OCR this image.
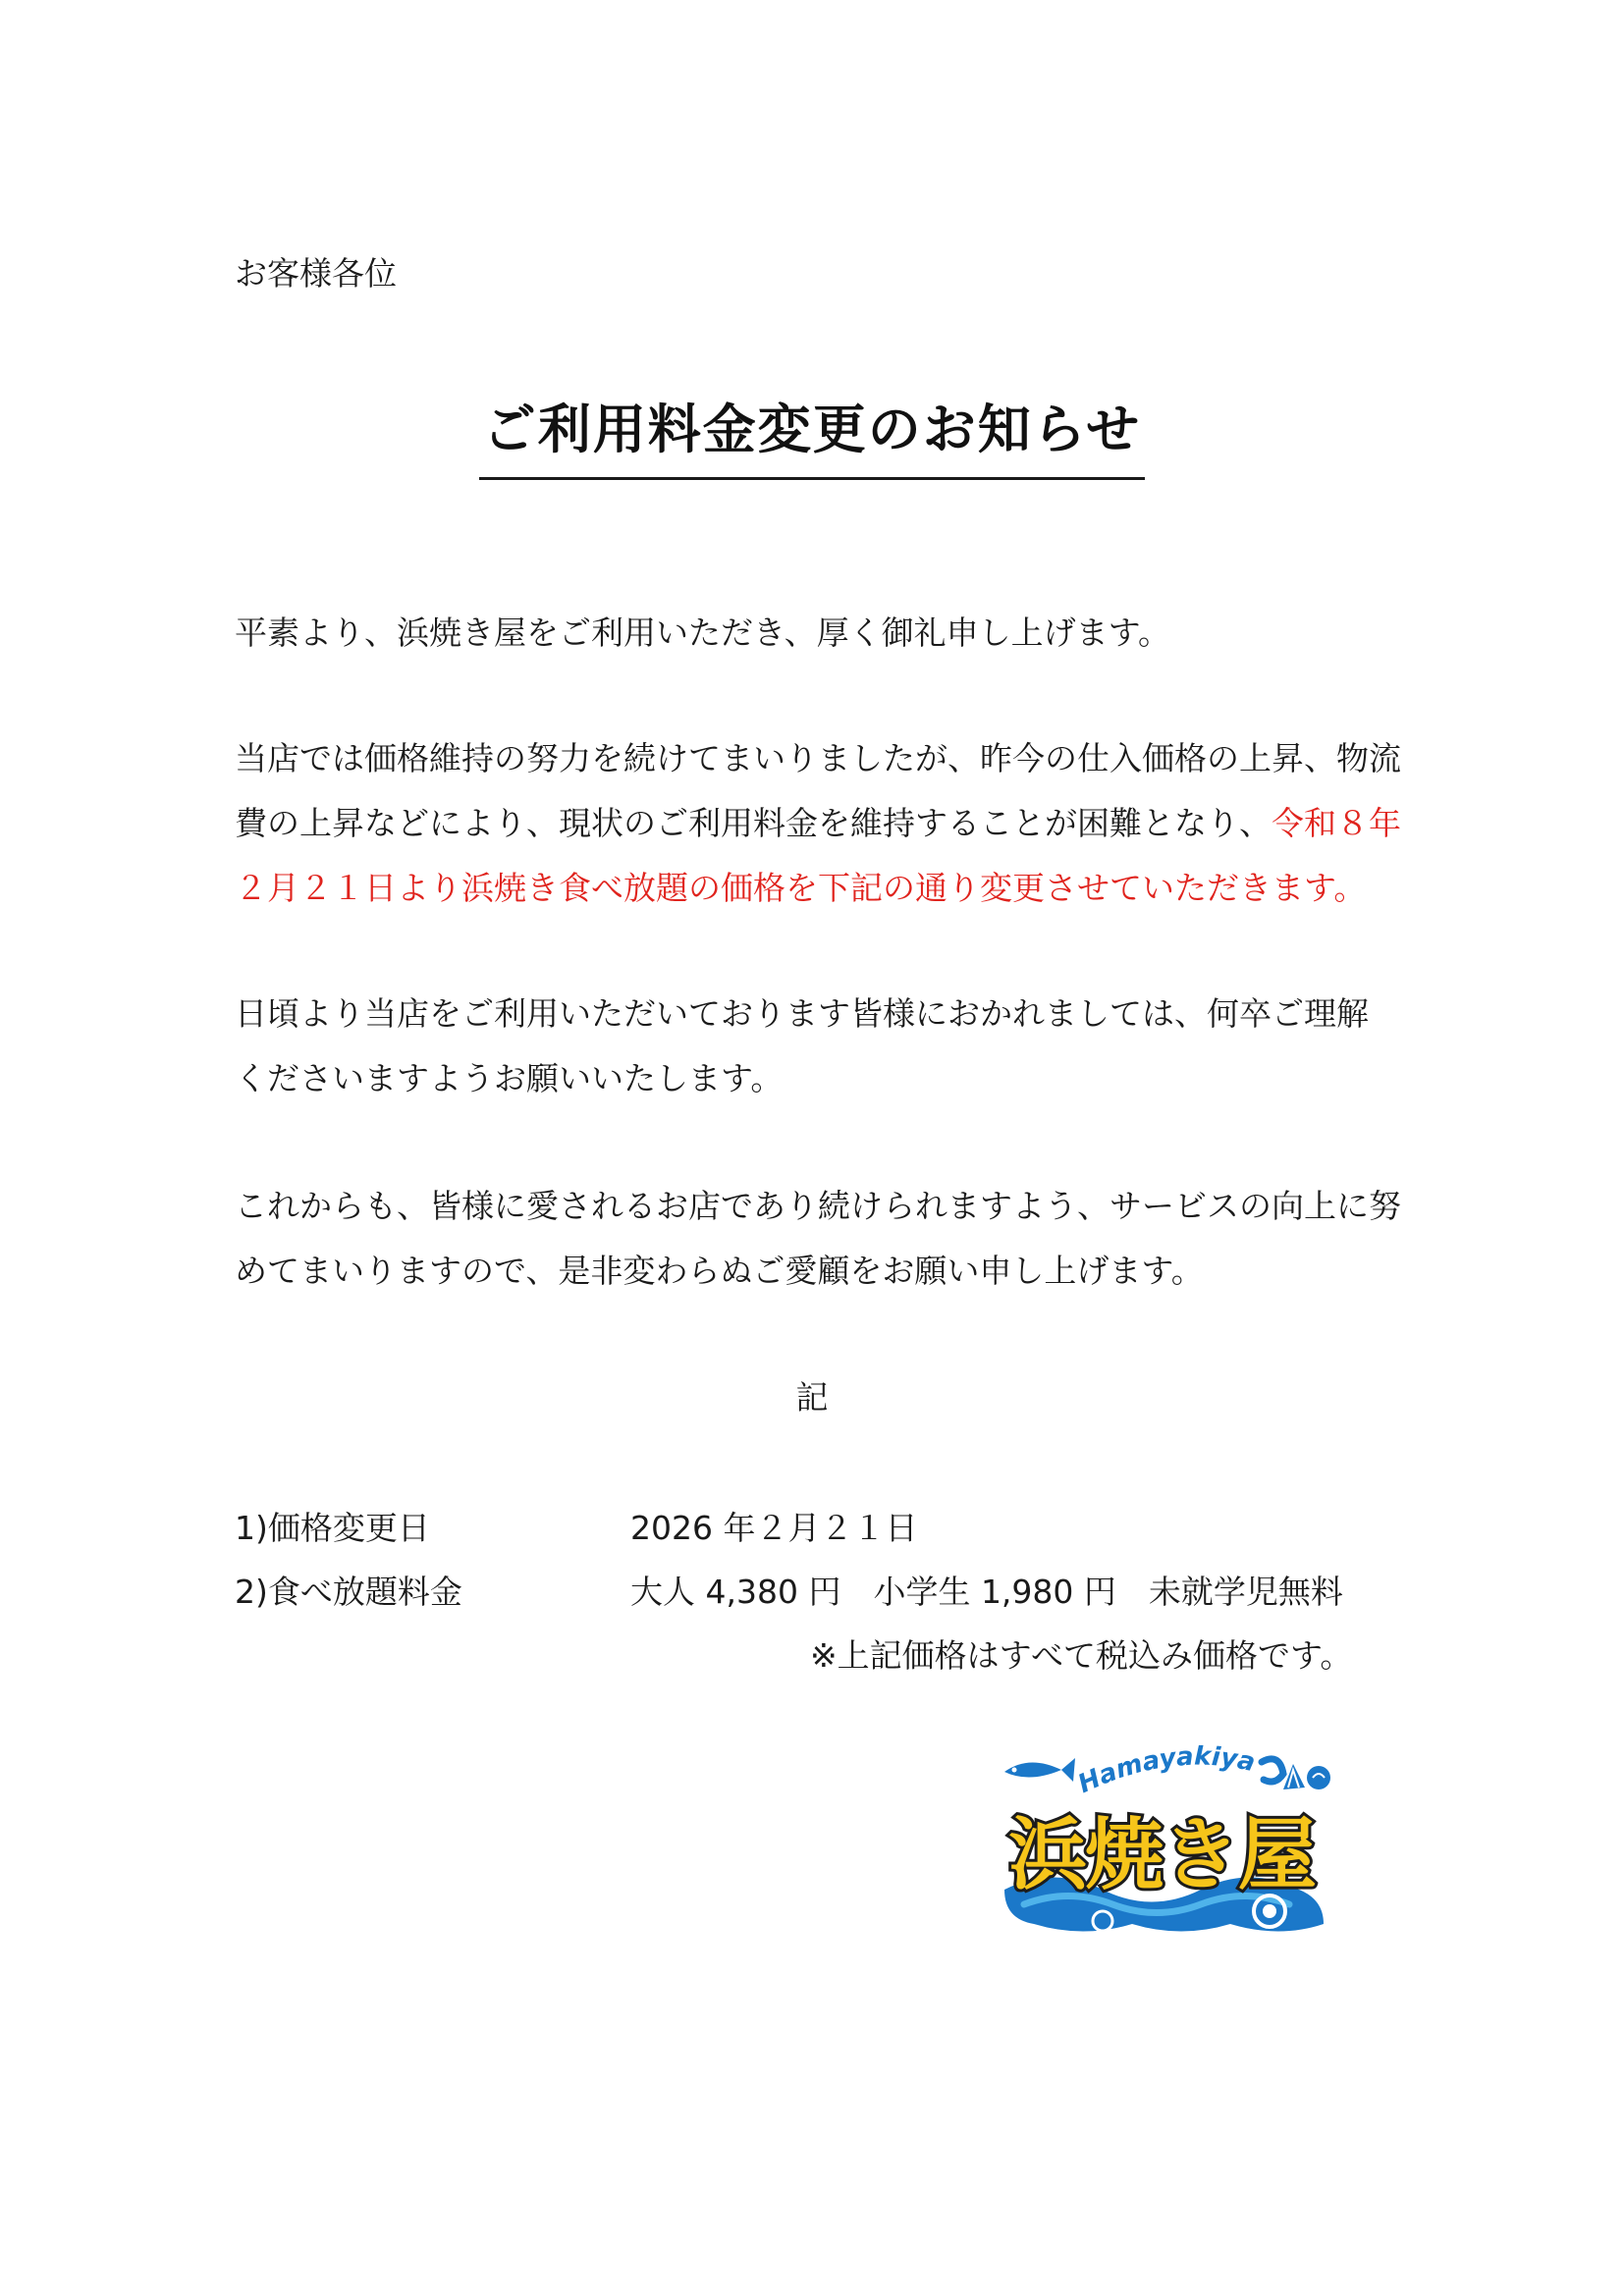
お客様各位
ご利用料金変更のお知らせ
平素より、浜焼き屋をご利用いただき、厚く御礼申し上げます。
当店では価格維持の努力を続けてまいりましたが、昨今の仕入価格の上昇、物流
費の上昇などにより、現状のご利用料金を維持することが困難となり、令和８年
２月２１日より浜焼き食べ放題の価格を下記の通り変更させていただきます。
日頃より当店をご利用いただいております皆様におかれましては、何卒ご理解
くださいますようお願いいたします。
これからも、皆様に愛されるお店であり続けられますよう、サービスの向上に努
めてまいりますので、是非変わらぬご愛顧をお願い申し上げます。
記
1)価格変更日	2026 年２月２１日
2)食べ放題料金	大人 4,380 円　小学生 1,980 円　未就学児無料
※上記価格はすべて税込み価格です。
Hamayakiya
浜焼き屋
